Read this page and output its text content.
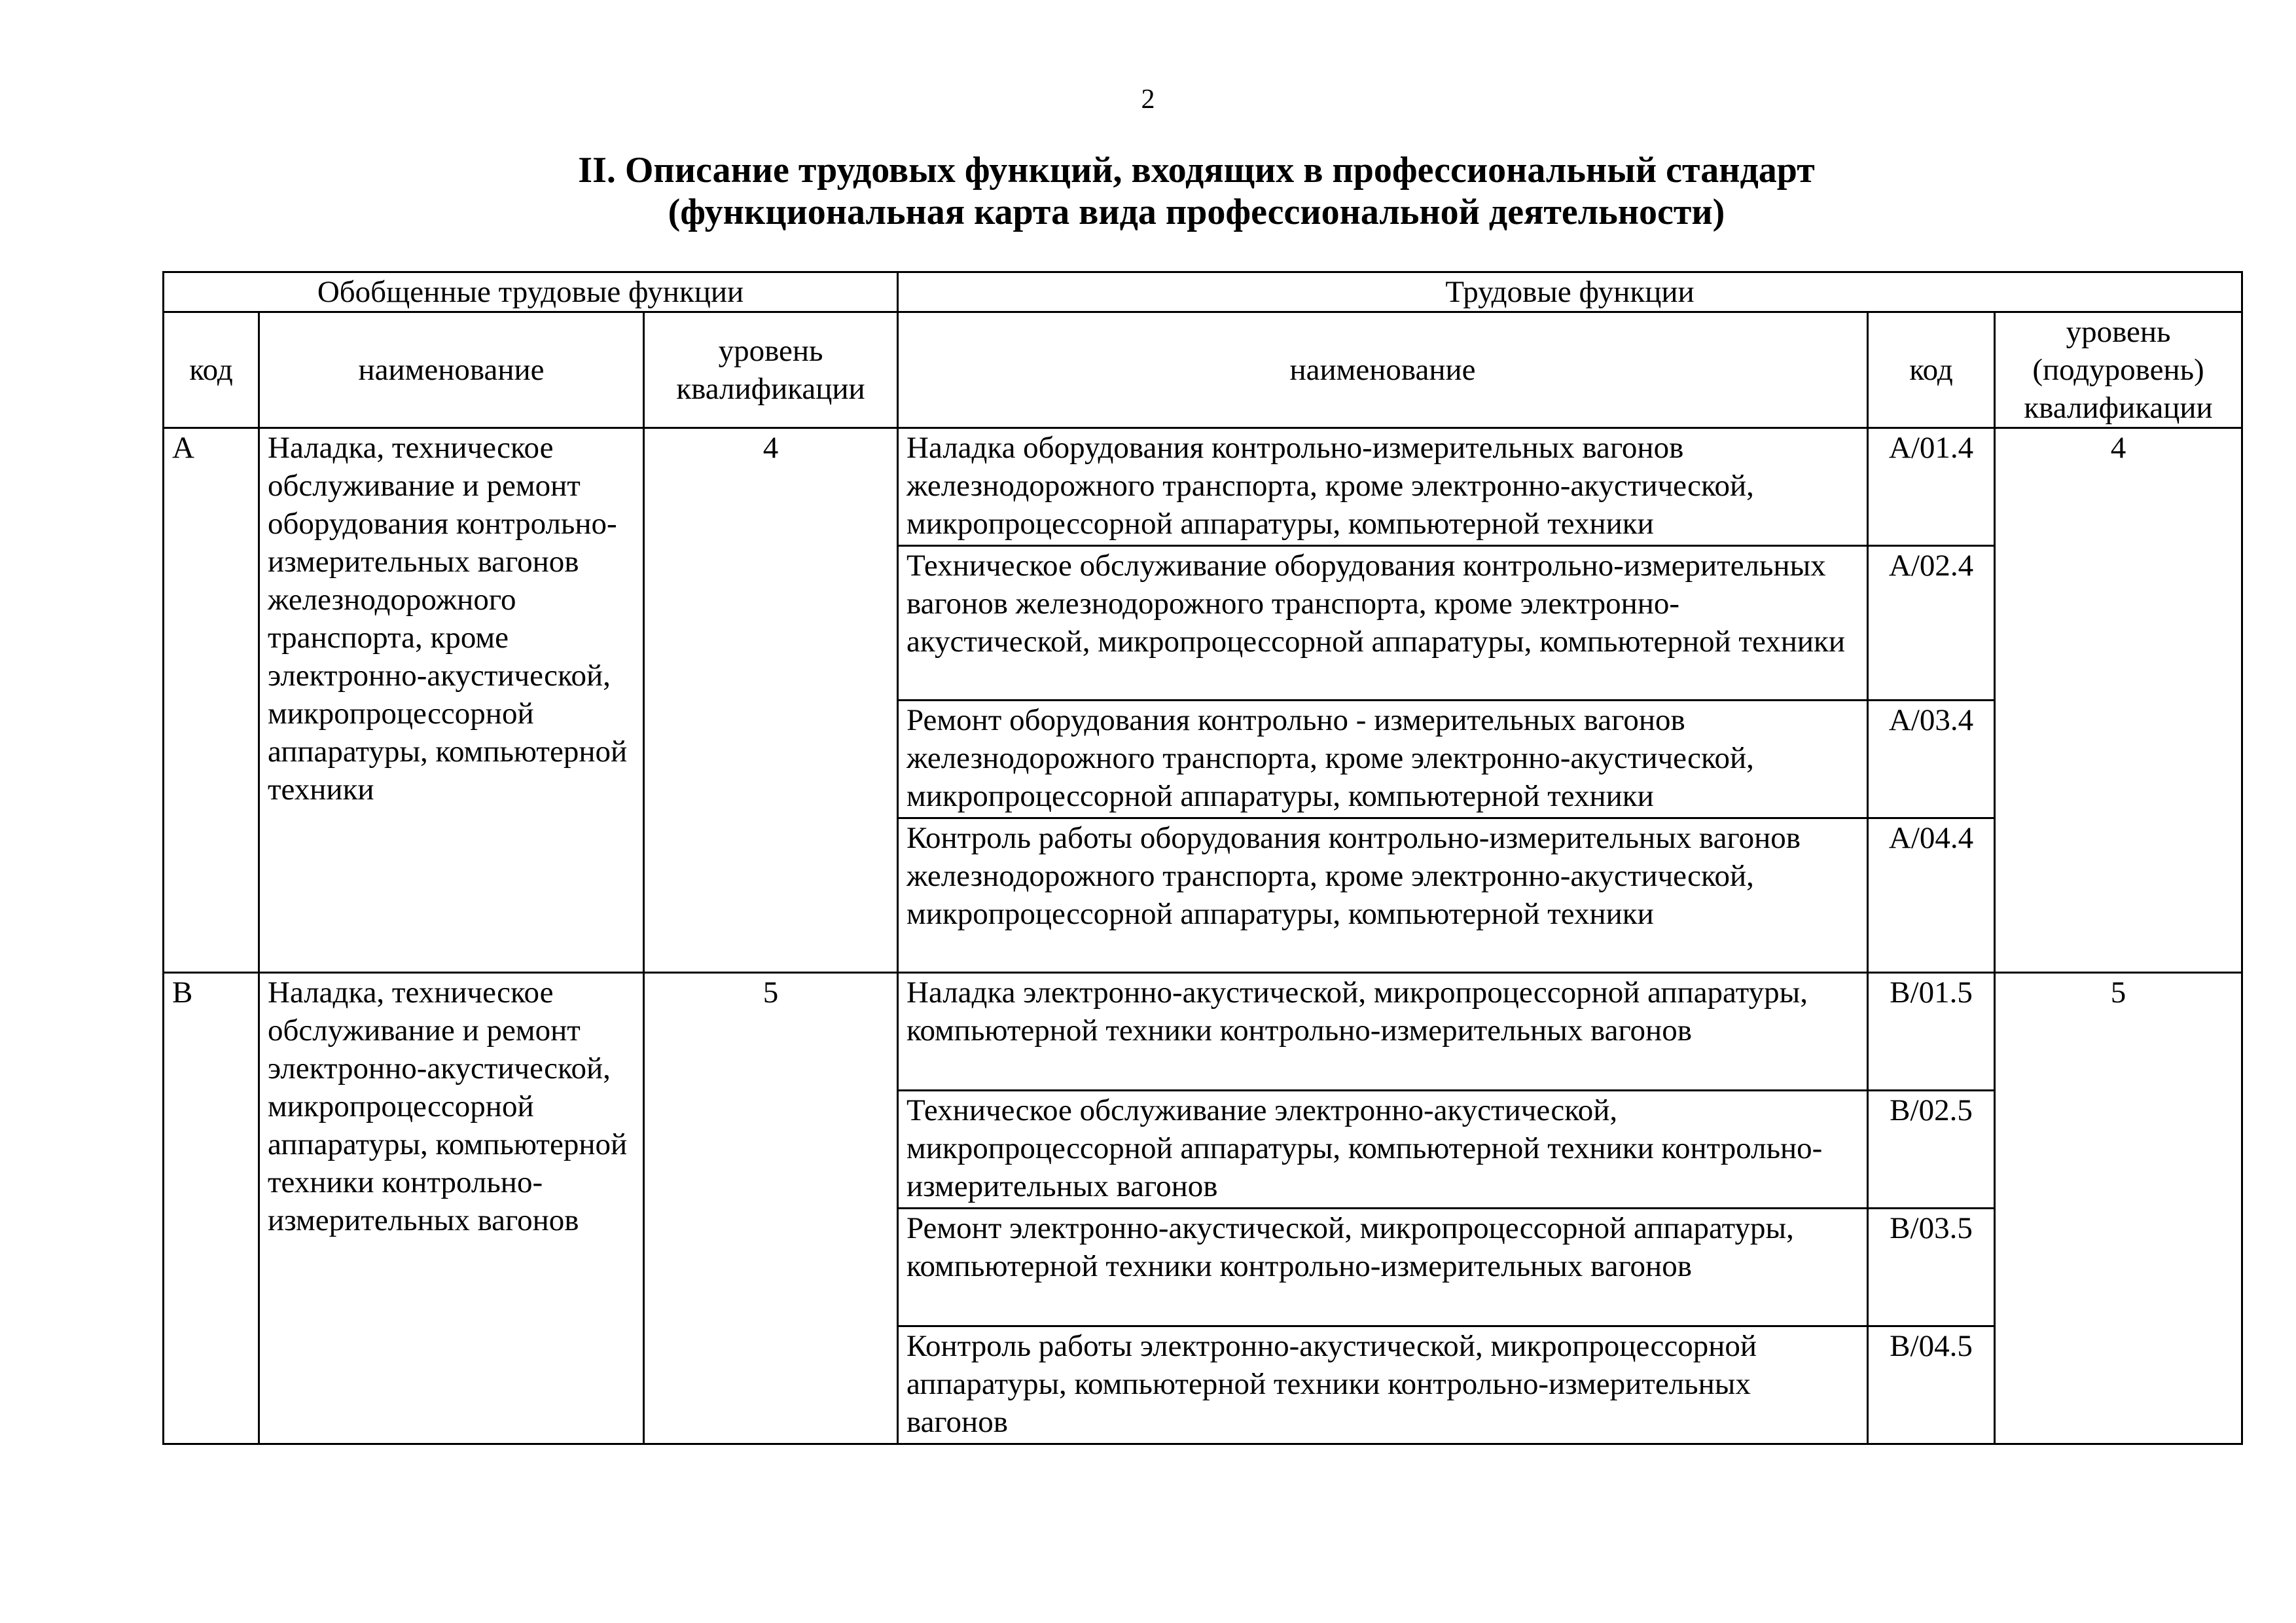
2
II. Описание трудовых функций, входящих в профессиональный стандарт
(функциональная карта вида профессиональной деятельности)
Обобщенные трудовые функции			Трудовые функции		
код	наименование	уровень квалификации	наименование	код	уровень (подуровень) квалификации
A	Наладка, техническое обслуживание и ремонт оборудования контрольно-измерительных вагонов железнодорожного транспорта, кроме электронно-акустической, микропроцессорной аппаратуры, компьютерной техники	4	Наладка оборудования контрольно-измерительных вагонов железнодорожного транспорта, кроме электронно-акустической, микропроцессорной аппаратуры, компьютерной техники	A/01.4	4
			Техническое обслуживание оборудования контрольно-измерительных вагонов железнодорожного транспорта, кроме электронно-акустической, микропроцессорной аппаратуры, компьютерной техники	A/02.4	
			Ремонт оборудования контрольно - измерительных вагонов железнодорожного транспорта, кроме электронно-акустической, микропроцессорной аппаратуры, компьютерной техники	A/03.4	
			Контроль работы оборудования контрольно-измерительных вагонов железнодорожного транспорта, кроме электронно-акустической, микропроцессорной аппаратуры, компьютерной техники	A/04.4	
B	Наладка, техническое обслуживание и ремонт электронно-акустической, микропроцессорной аппаратуры, компьютерной техники контрольно-измерительных вагонов	5	Наладка электронно-акустической, микропроцессорной аппаратуры, компьютерной техники контрольно-измерительных вагонов	B/01.5	5
			Техническое обслуживание электронно-акустической, микропроцессорной аппаратуры, компьютерной техники контрольно-измерительных вагонов	B/02.5	
			Ремонт электронно-акустической, микропроцессорной аппаратуры, компьютерной техники контрольно-измерительных вагонов	B/03.5	
			Контроль работы электронно-акустической, микропроцессорной аппаратуры, компьютерной техники контрольно-измерительных вагонов	B/04.5	
